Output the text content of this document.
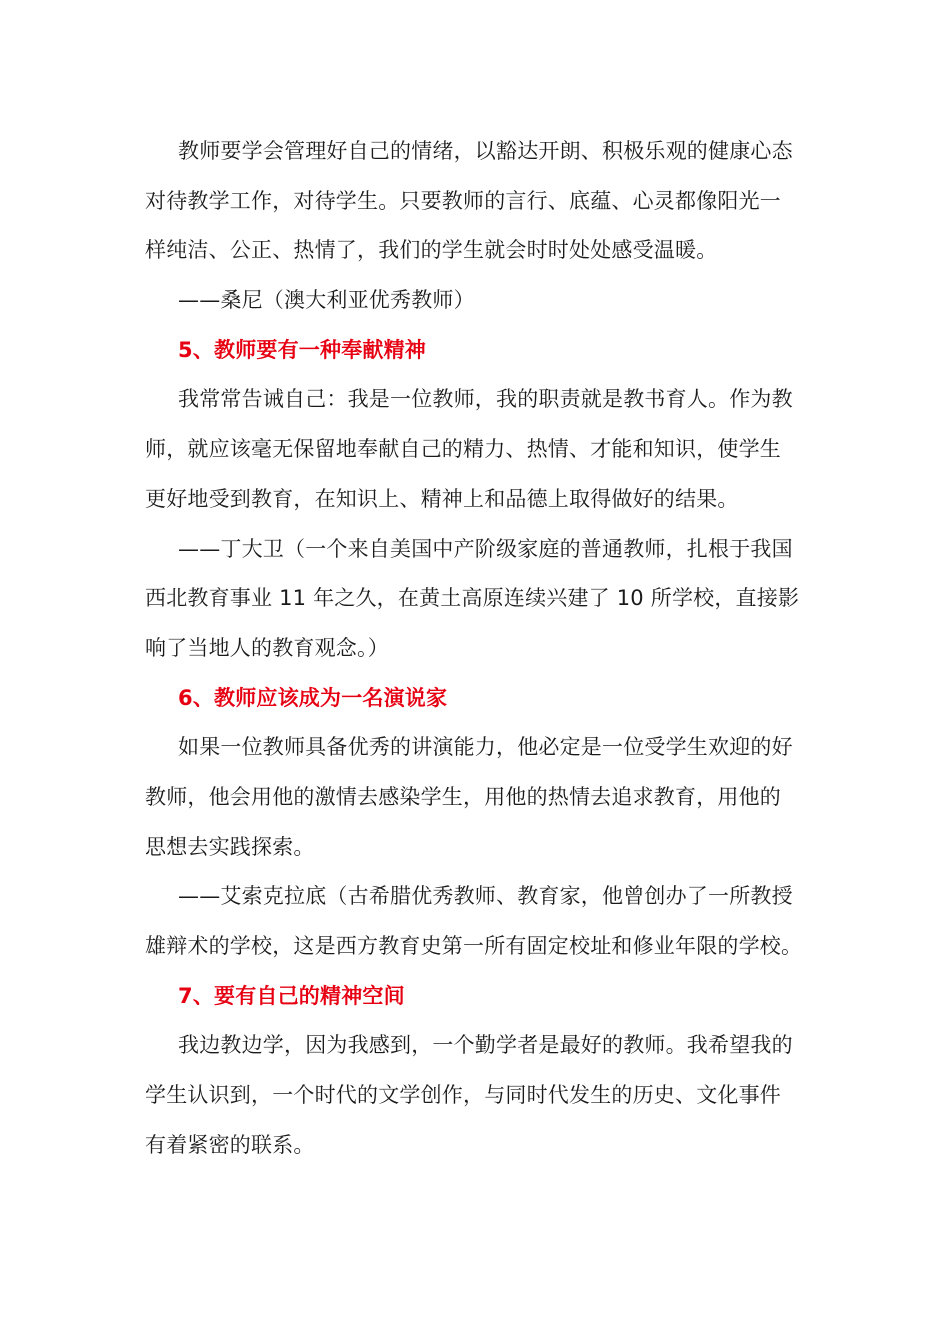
教师要学会管理好自己的情绪，以豁达开朗、积极乐观的健康心态
对待教学工作，对待学生。只要教师的言行、底蕴、心灵都像阳光一
样纯洁、公正、热情了，我们的学生就会时时处处感受温暖。
——桑尼（澳大利亚优秀教师）
5、教师要有一种奉献精神
我常常告诫自己：我是一位教师，我的职责就是教书育人。作为教
师，就应该毫无保留地奉献自己的精力、热情、才能和知识，使学生
更好地受到教育，在知识上、精神上和品德上取得做好的结果。
——丁大卫（一个来自美国中产阶级家庭的普通教师，扎根于我国
西北教育事业 11 年之久，在黄土高原连续兴建了 10 所学校，直接影
响了当地人的教育观念。）
6、教师应该成为一名演说家
如果一位教师具备优秀的讲演能力，他必定是一位受学生欢迎的好
教师，他会用他的激情去感染学生，用他的热情去追求教育，用他的
思想去实践探索。
——艾索克拉底（古希腊优秀教师、教育家，他曾创办了一所教授
雄辩术的学校，这是西方教育史第一所有固定校址和修业年限的学校。
7、要有自己的精神空间
我边教边学，因为我感到，一个勤学者是最好的教师。我希望我的
学生认识到，一个时代的文学创作，与同时代发生的历史、文化事件
有着紧密的联系。
